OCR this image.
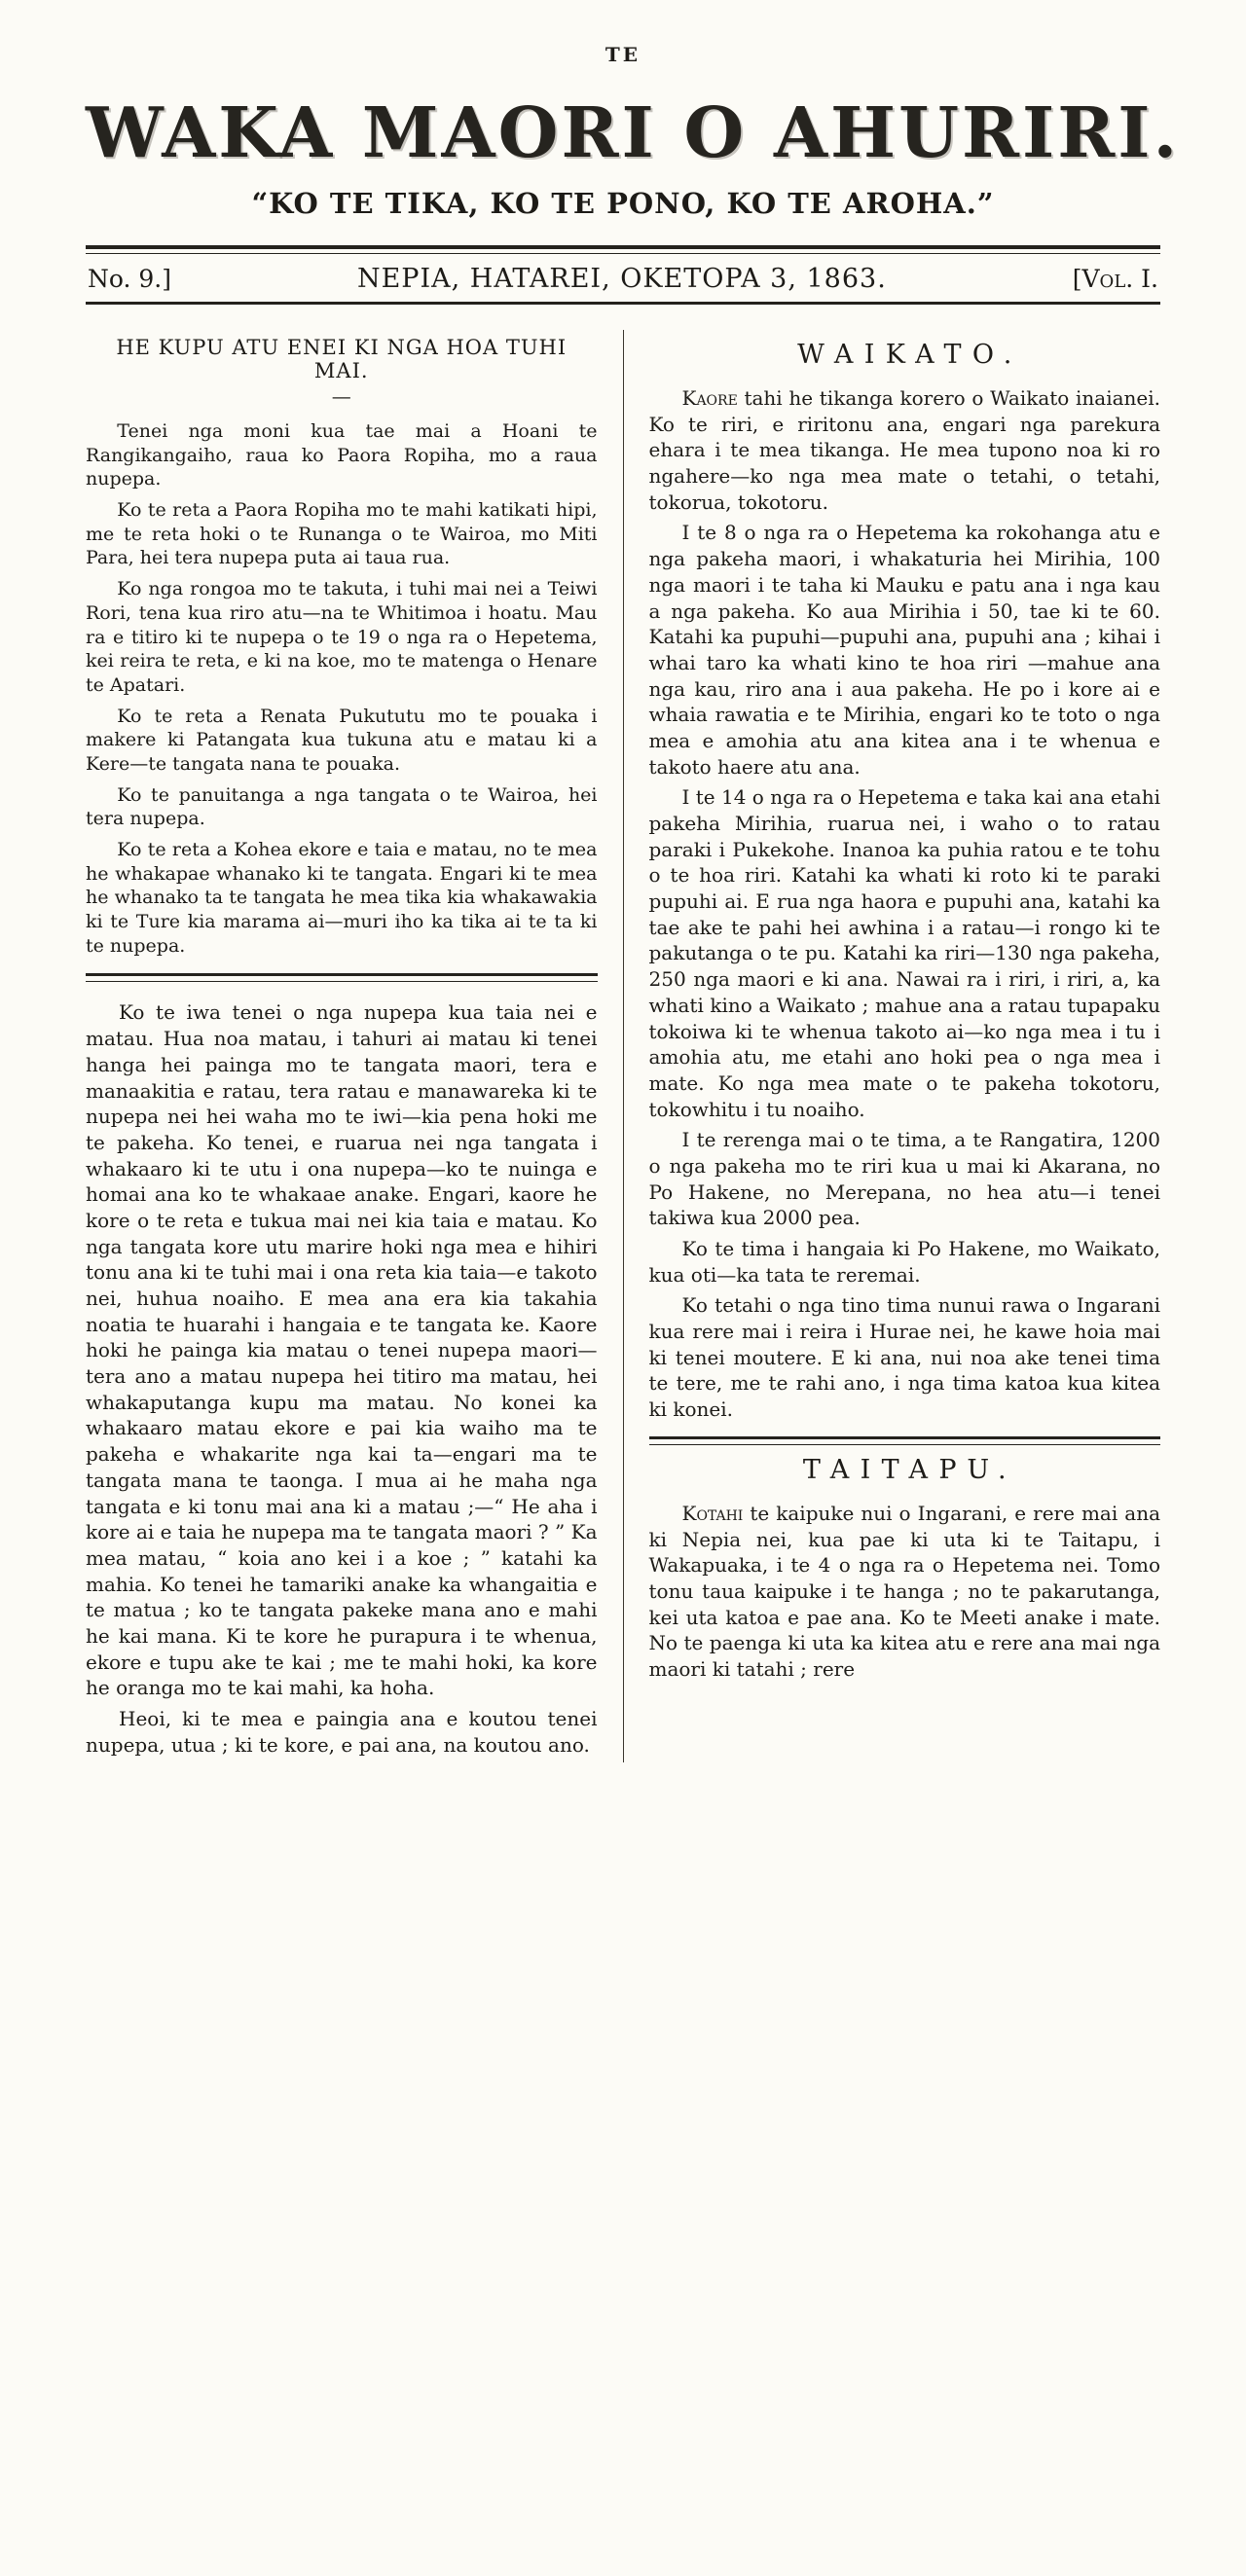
TE
WAKA MAORI O AHURIRI.
“KO TE TIKA, KO TE PONO, KO TE AROHA.”
No. 9.]	NEPIA, HATAREI, OKETOPA 3, 1863.	[Vol. I.
HE KUPU ATU ENEI KI NGA HOA TUHI MAI.
—

Tenei nga moni kua tae mai a Hoani te Rangikangaiho, raua ko Paora Ropiha, mo a raua nupepa.

Ko te reta a Paora Ropiha mo te mahi katikati hipi, me te reta hoki o te Runanga o te Wairoa, mo Miti Para, hei tera nupepa puta ai taua rua.

Ko nga rongoa mo te takuta, i tuhi mai nei a Teiwi Rori, tena kua riro atu—na te Whitimoa i hoatu. Mau ra e titiro ki te nupepa o te 19 o nga ra o Hepetema, kei reira te reta, e ki na koe, mo te matenga o Henare te Apatari.

Ko te reta a Renata Pukututu mo te pouaka i makere ki Patangata kua tukuna atu e matau ki a Kere—te tangata nana te pouaka.

Ko te panuitanga a nga tangata o te Wairoa, hei tera nupepa.

Ko te reta a Kohea ekore e taia e matau, no te mea he whakapae whanako ki te tangata. Engari ki te mea he whanako ta te tangata he mea tika kia whakawakia ki te Ture kia marama ai—muri iho ka tika ai te ta ki te nupepa.

Ko te iwa tenei o nga nupepa kua taia nei e matau. Hua noa matau, i tahuri ai matau ki tenei hanga hei painga mo te tangata maori, tera e manaakitia e ratau, tera ratau e manawareka ki te nupepa nei hei waha mo te iwi—kia pena hoki me te pakeha. Ko tenei, e ruarua nei nga tangata i whakaaro ki te utu i ona nupepa—ko te nuinga e homai ana ko te whakaae anake. Engari, kaore he kore o te reta e tukua mai nei kia taia e matau. Ko nga tangata kore utu marire hoki nga mea e hihiri tonu ana ki te tuhi mai i ona reta kia taia—e takoto nei, huhua noaiho. E mea ana era kia takahia noatia te huarahi i hangaia e te tangata ke. Kaore hoki he painga kia matau o tenei nupepa maori—tera ano a matau nupepa hei titiro ma matau, hei whakaputanga kupu ma matau. No konei ka whakaaro matau ekore e pai kia waiho ma te pakeha e whakarite nga kai ta—engari ma te tangata mana te taonga. I mua ai he maha nga tangata e ki tonu mai ana ki a matau ;—“ He aha i kore ai e taia he nupepa ma te tangata maori ? ” Ka mea matau, “ koia ano kei i a koe ; ” katahi ka mahia. Ko tenei he tamariki anake ka whangaitia e te matua ; ko te tangata pakeke mana ano e mahi he kai mana. Ki te kore he purapura i te whenua, ekore e tupu ake te kai ; me te mahi hoki, ka kore he oranga mo te kai mahi, ka hoha.

Heoi, ki te mea e paingia ana e koutou tenei nupepa, utua ; ki te kore, e pai ana, na koutou ano.

WAIKATO.

Kaore tahi he tikanga korero o Waikato inaianei. Ko te riri, e riritonu ana, engari nga parekura ehara i te mea tikanga. He mea tupono noa ki ro ngahere—ko nga mea mate o tetahi, o tetahi, tokorua, tokotoru.

I te 8 o nga ra o Hepetema ka rokohanga atu e nga pakeha maori, i whakaturia hei Mirihia, 100 nga maori i te taha ki Mauku e patu ana i nga kau a nga pakeha. Ko aua Mirihia i 50, tae ki te 60. Katahi ka pupuhi—pupuhi ana, pupuhi ana ; kihai i whai taro ka whati kino te hoa riri —mahue ana nga kau, riro ana i aua pakeha. He po i kore ai e whaia rawatia e te Mirihia, engari ko te toto o nga mea e amohia atu ana kitea ana i te whenua e takoto haere atu ana.

I te 14 o nga ra o Hepetema e taka kai ana etahi pakeha Mirihia, ruarua nei, i waho o to ratau paraki i Pukekohe. Inanoa ka puhia ratou e te tohu o te hoa riri. Katahi ka whati ki roto ki te paraki pupuhi ai. E rua nga haora e pupuhi ana, katahi ka tae ake te pahi hei awhina i a ratau—i rongo ki te pakutanga o te pu. Katahi ka riri—130 nga pakeha, 250 nga maori e ki ana. Nawai ra i riri, i riri, a, ka whati kino a Waikato ; mahue ana a ratau tupapaku tokoiwa ki te whenua takoto ai—ko nga mea i tu i amohia atu, me etahi ano hoki pea o nga mea i mate. Ko nga mea mate o te pakeha tokotoru, tokowhitu i tu noaiho.

I te rerenga mai o te tima, a te Rangatira, 1200 o nga pakeha mo te riri kua u mai ki Akarana, no Po Hakene, no Merepana, no hea atu—i tenei takiwa kua 2000 pea.

Ko te tima i hangaia ki Po Hakene, mo Waikato, kua oti—ka tata te reremai.

Ko tetahi o nga tino tima nunui rawa o Ingarani kua rere mai i reira i Hurae nei, he kawe hoia mai ki tenei moutere. E ki ana, nui noa ake tenei tima te tere, me te rahi ano, i nga tima katoa kua kitea ki konei.

TAITAPU.

Kotahi te kaipuke nui o Ingarani, e rere mai ana ki Nepia nei, kua pae ki uta ki te Taitapu, i Wakapuaka, i te 4 o nga ra o Hepetema nei. Tomo tonu taua kaipuke i te hanga ; no te pakarutanga, kei uta katoa e pae ana. Ko te Meeti anake i mate. No te paenga ki uta ka kitea atu e rere ana mai nga maori ki tatahi ; rere
